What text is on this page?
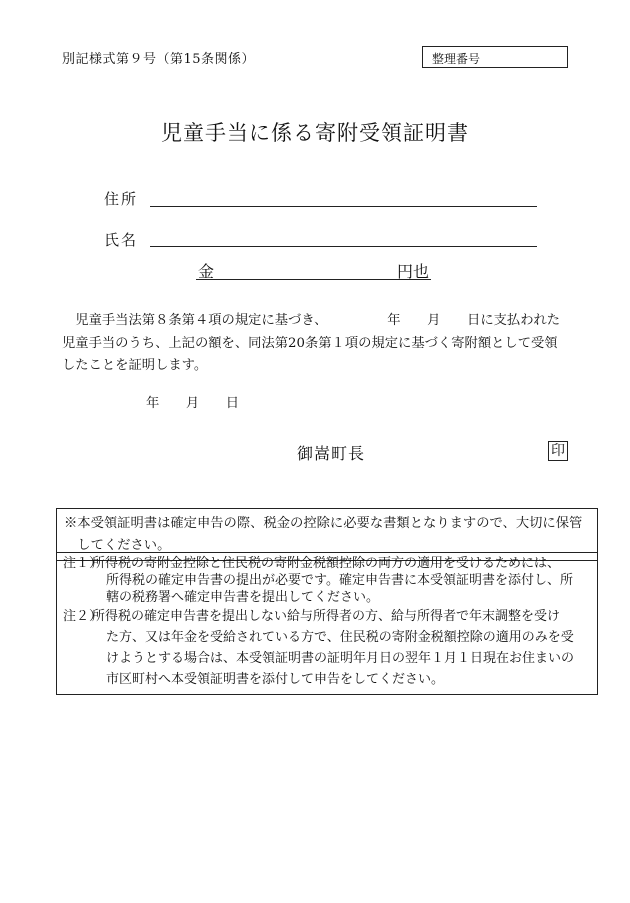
別記様式第９号（第15条関係）	整理番号
児童手当に係る寄附受領証明書
住所
氏名
金	円也
　児童手当法第８条第４項の規定に基づき、　　　　　年　　月　　日に支払われた
児童手当のうち、上記の額を、同法第20条第１項の規定に基づく寄附額として受領
したことを証明します。
年　　月　　日
御嵩町長	印
※本受領証明書は確定申告の際、税金の控除に必要な書類となりますので、大切に保管
　してください。
注１）
所得税の寄附金控除と住民税の寄附金税額控除の両方の適用を受けるためには、
所得税の確定申告書の提出が必要です。確定申告書に本受領証明書を添付し、所
轄の税務署へ確定申告書を提出してください。
注２）
所得税の確定申告書を提出しない給与所得者の方、給与所得者で年末調整を受け
た方、又は年金を受給されている方で、住民税の寄附金税額控除の適用のみを受
けようとする場合は、本受領証明書の証明年月日の翌年１月１日現在お住まいの
市区町村へ本受領証明書を添付して申告をしてください。
